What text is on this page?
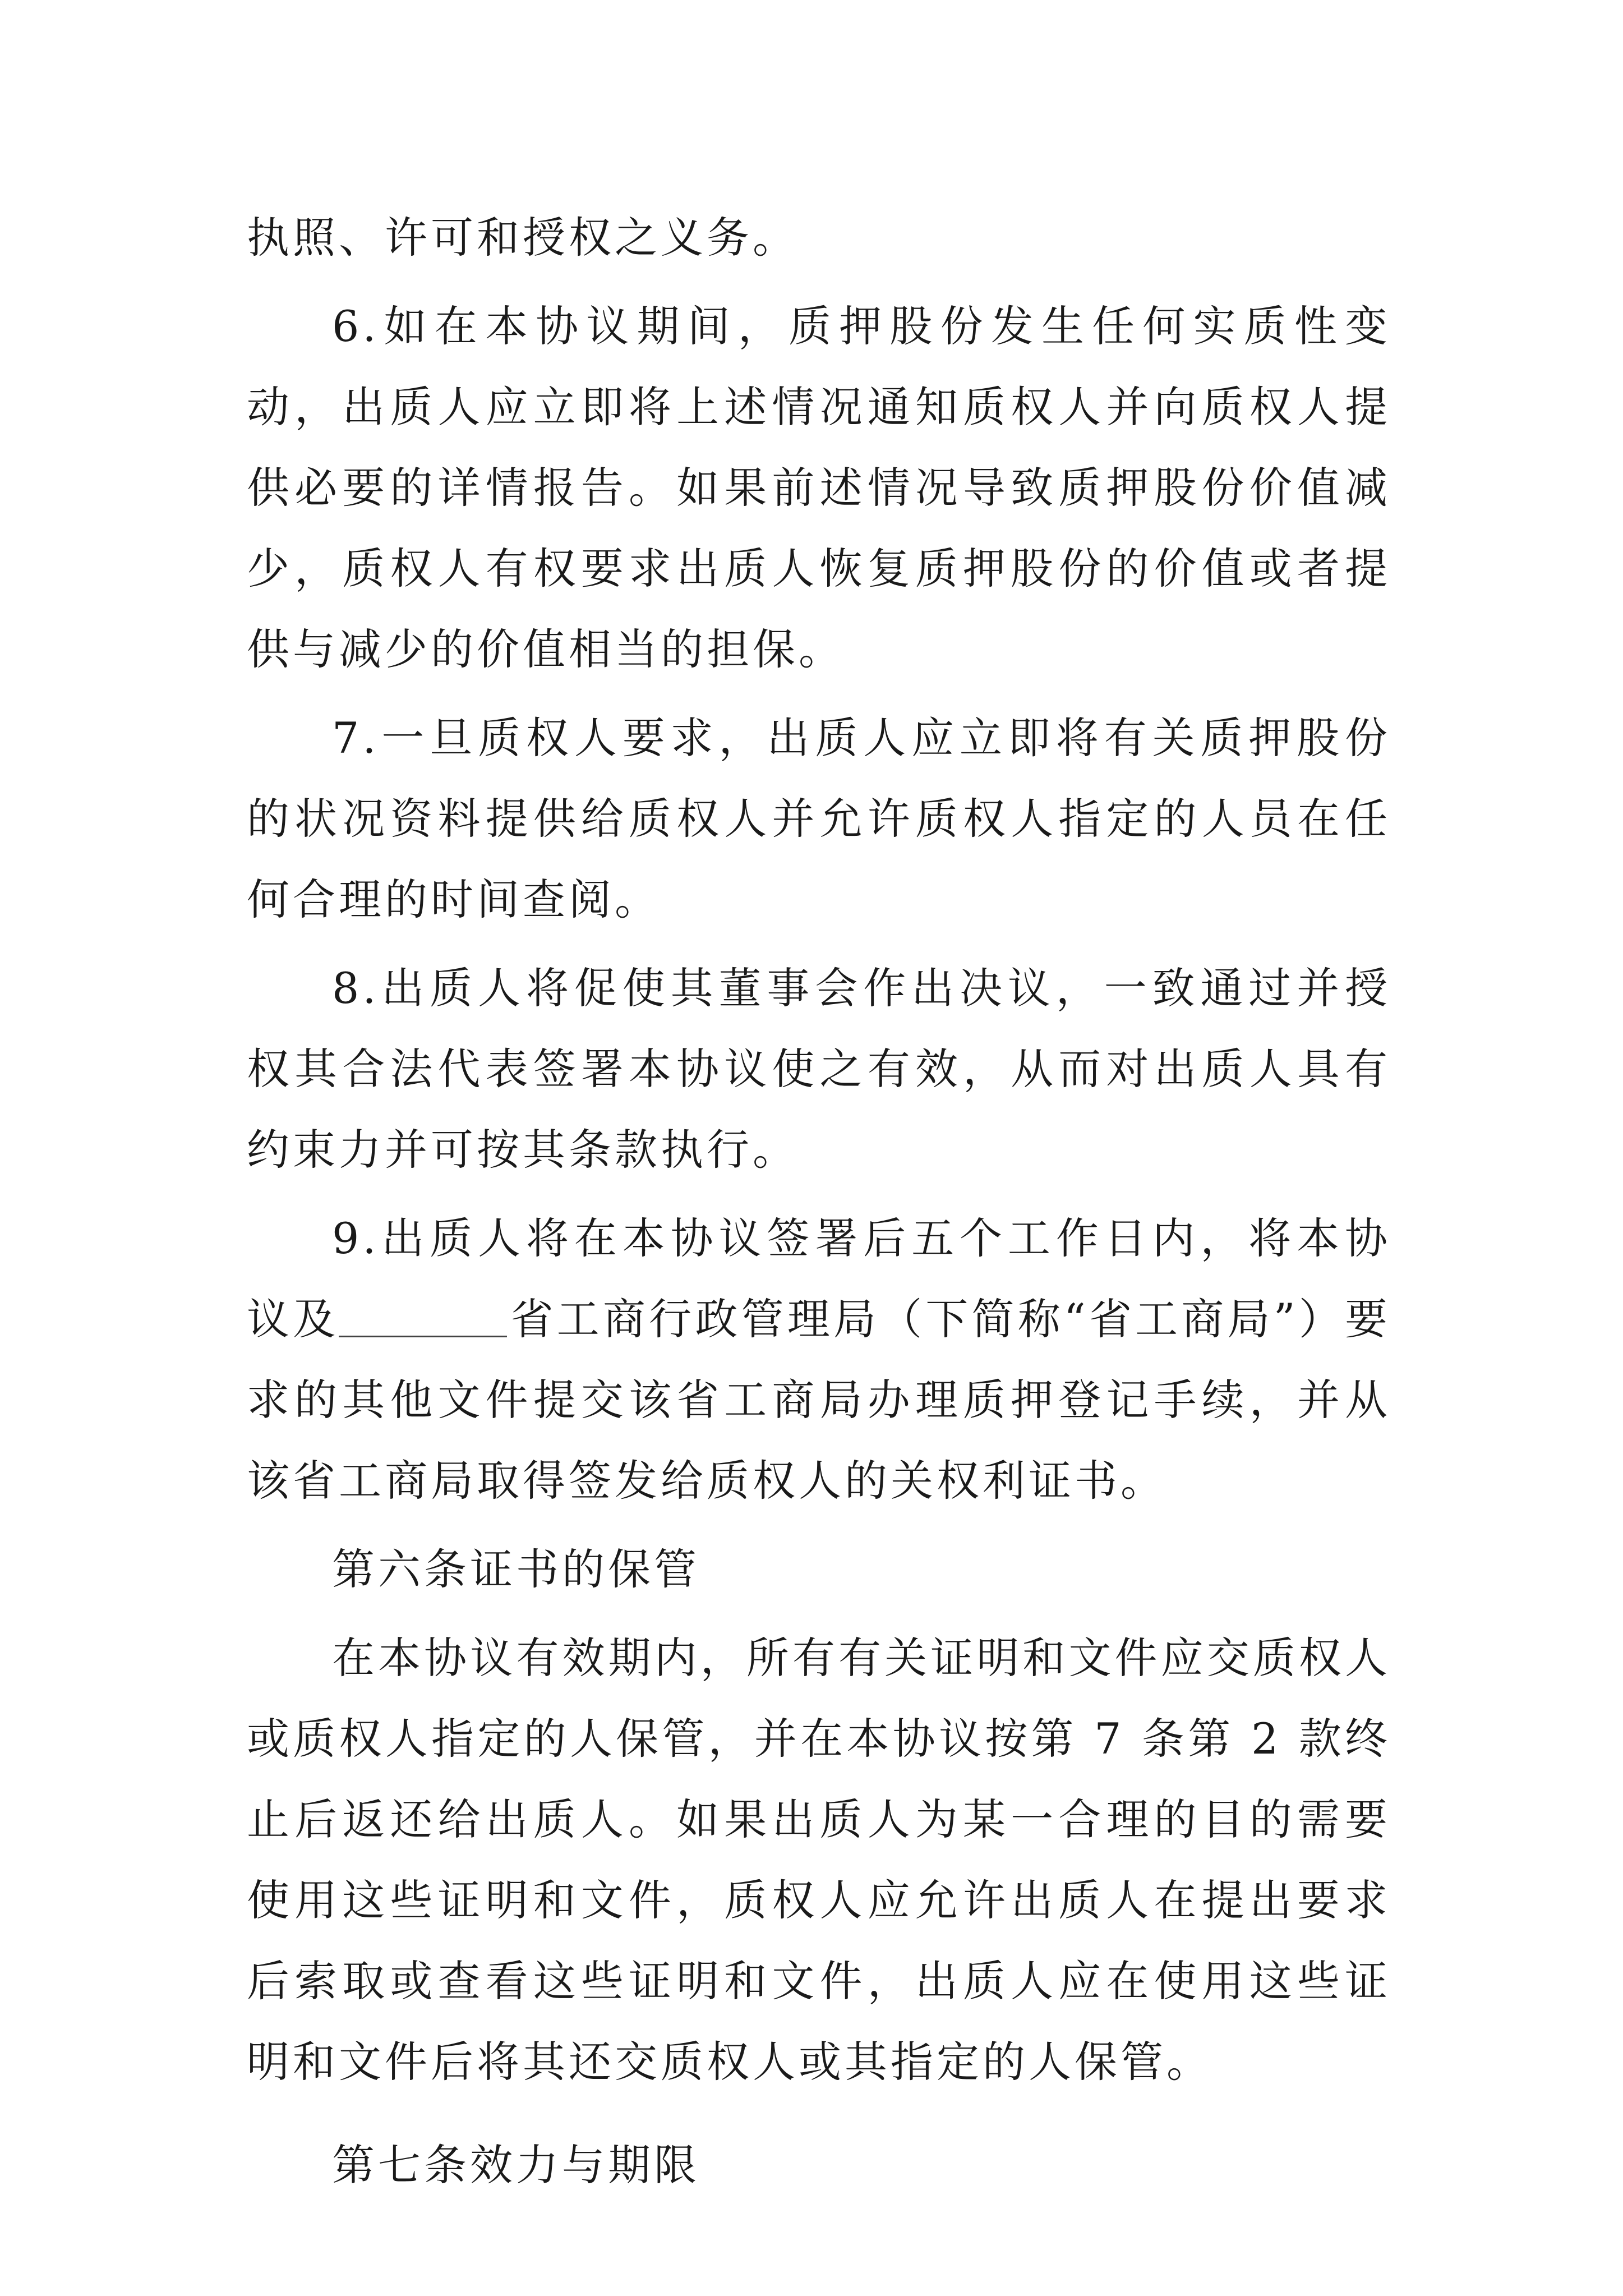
执照、许可和授权之义务。

6.如在本协议期间，质押股份发生任何实质性变动，出质人应立即将上述情况通知质权人并向质权人提供必要的详情报告。如果前述情况导致质押股份价值减少，质权人有权要求出质人恢复质押股份的价值或者提供与减少的价值相当的担保。

7.一旦质权人要求，出质人应立即将有关质押股份的状况资料提供给质权人并允许质权人指定的人员在任何合理的时间查阅。

8.出质人将促使其董事会作出决议，一致通过并授权其合法代表签署本协议使之有效，从而对出质人具有约束力并可按其条款执行。

9.出质人将在本协议签署后五个工作日内，将本协议及	省工商行政管理局（下简称“省工商局”）要求的其他文件提交该省工商局办理质押登记手续，并从该省工商局取得签发给质权人的关权利证书。

第六条证书的保管

在本协议有效期内，所有有关证明和文件应交质权人或质权人指定的人保管，并在本协议按第 7 条第 2 款终止后返还给出质人。如果出质人为某一合理的目的需要使用这些证明和文件，质权人应允许出质人在提出要求后索取或查看这些证明和文件，出质人应在使用这些证明和文件后将其还交质权人或其指定的人保管。

第七条效力与期限
